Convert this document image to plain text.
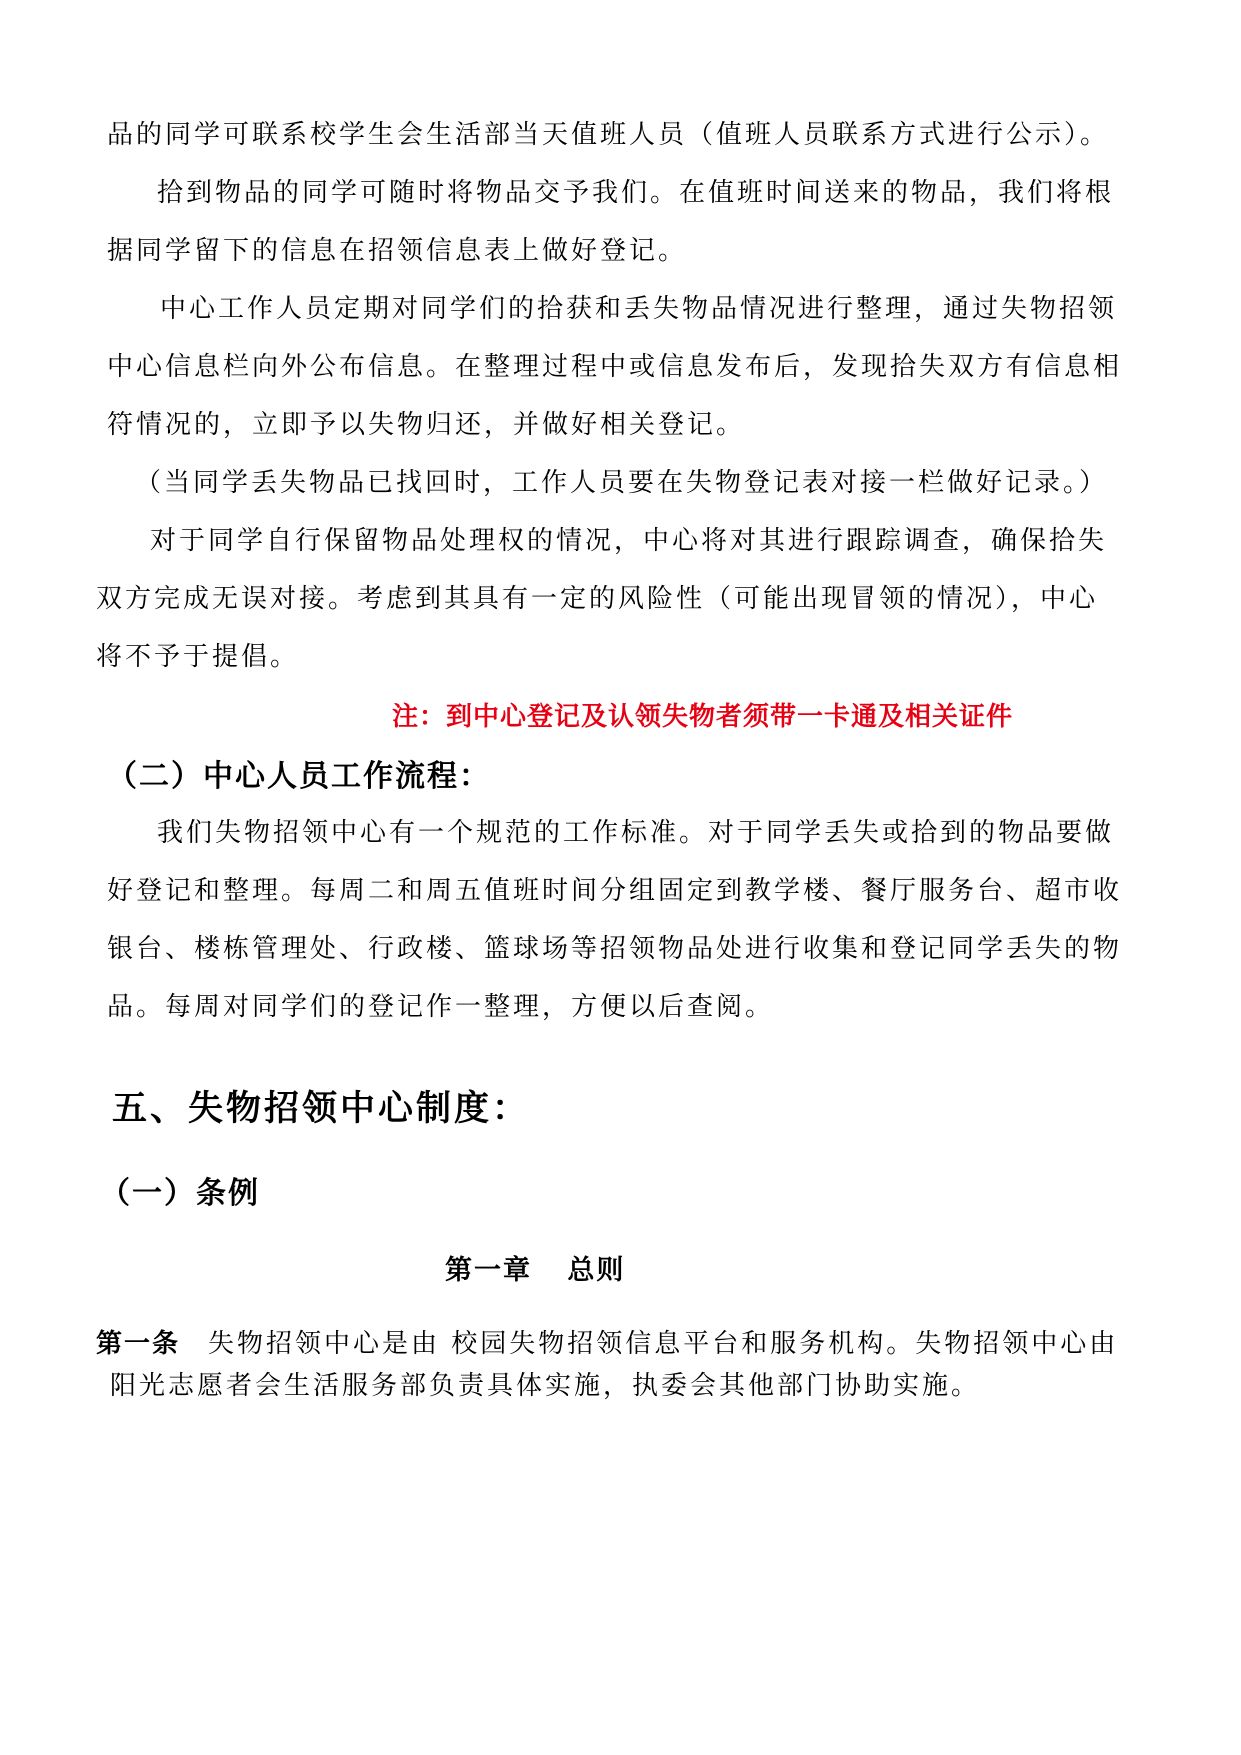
品的同学可联系校学生会生活部当天值班人员（值班人员联系方式进行公示）。
拾到物品的同学可随时将物品交予我们。在值班时间送来的物品，我们将根
据同学留下的信息在招领信息表上做好登记。
中心工作人员定期对同学们的拾获和丢失物品情况进行整理，通过失物招领
中心信息栏向外公布信息。在整理过程中或信息发布后，发现拾失双方有信息相
符情况的，立即予以失物归还，并做好相关登记。
（当同学丢失物品已找回时，工作人员要在失物登记表对接一栏做好记录。）
对于同学自行保留物品处理权的情况，中心将对其进行跟踪调查，确保拾失
双方完成无误对接。考虑到其具有一定的风险性（可能出现冒领的情况），中心
将不予于提倡。
注：到中心登记及认领失物者须带一卡通及相关证件
（二）中心人员工作流程：
我们失物招领中心有一个规范的工作标准。对于同学丢失或拾到的物品要做
好登记和整理。每周二和周五值班时间分组固定到教学楼、餐厅服务台、超市收
银台、楼栋管理处、行政楼、篮球场等招领物品处进行收集和登记同学丢失的物
品。每周对同学们的登记作一整理，方便以后查阅。
五、失物招领中心制度：
（一）条例
第一章 总则
第一条 失物招领中心是由 校园失物招领信息平台和服务机构。失物招领中心由
阳光志愿者会生活服务部负责具体实施，执委会其他部门协助实施。
